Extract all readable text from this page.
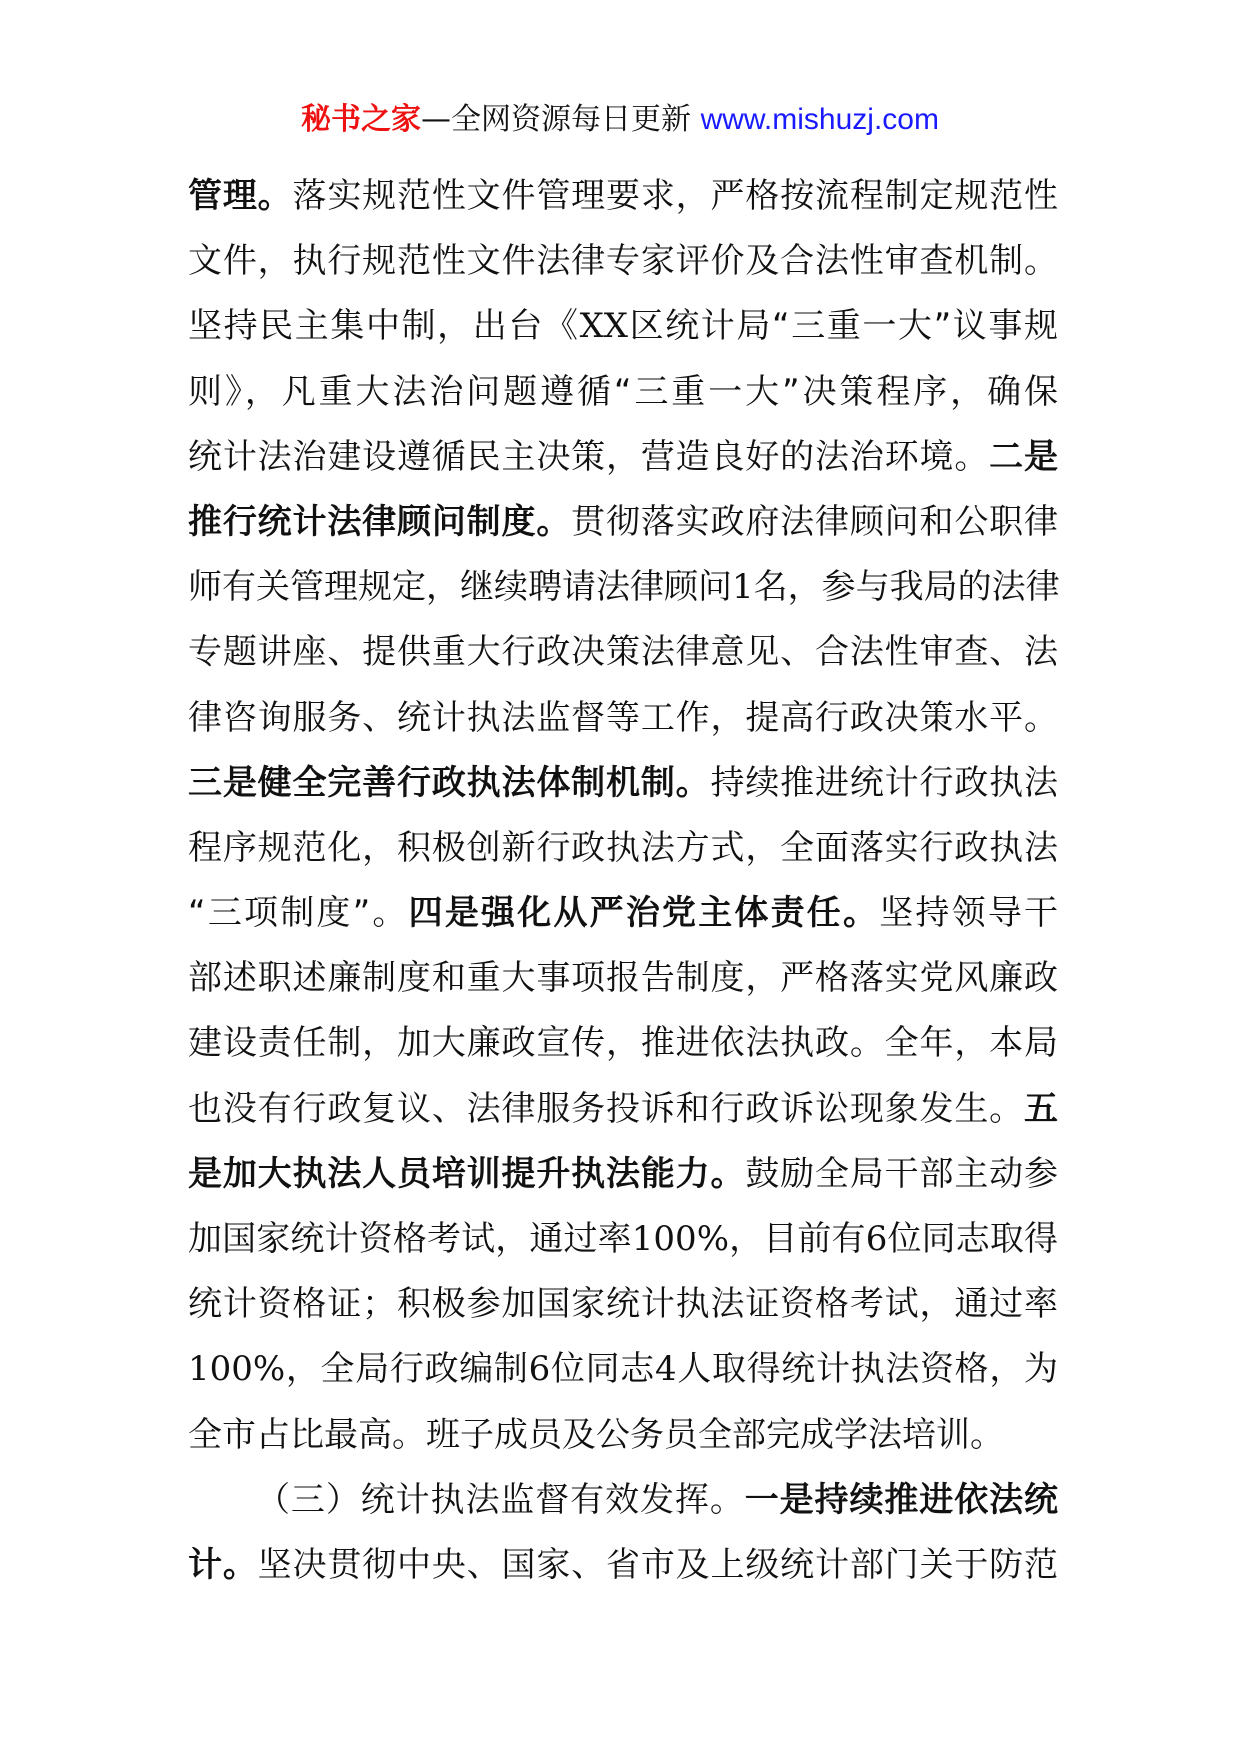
秘书之家—全网资源每日更新 www.mishuzj.com
管理。落实规范性文件管理要求，严格按流程制定规范性
文件，执行规范性文件法律专家评价及合法性审查机制。
坚持民主集中制，出台《XX区统计局“三重一大”议事规
则》，凡重大法治问题遵循“三重一大”决策程序，确保
统计法治建设遵循民主决策，营造良好的法治环境。二是
推行统计法律顾问制度。贯彻落实政府法律顾问和公职律
师有关管理规定，继续聘请法律顾问1名，参与我局的法律
专题讲座、提供重大行政决策法律意见、合法性审查、法
律咨询服务、统计执法监督等工作，提高行政决策水平。
三是健全完善行政执法体制机制。持续推进统计行政执法
程序规范化，积极创新行政执法方式，全面落实行政执法
“三项制度”。四是强化从严治党主体责任。坚持领导干
部述职述廉制度和重大事项报告制度，严格落实党风廉政
建设责任制，加大廉政宣传，推进依法执政。全年，本局
也没有行政复议、法律服务投诉和行政诉讼现象发生。五
是加大执法人员培训提升执法能力。鼓励全局干部主动参
加国家统计资格考试，通过率100%，目前有6位同志取得
统计资格证；积极参加国家统计执法证资格考试，通过率
100%，全局行政编制6位同志4人取得统计执法资格，为
全市占比最高。班子成员及公务员全部完成学法培训。
（三）统计执法监督有效发挥。一是持续推进依法统
计。坚决贯彻中央、国家、省市及上级统计部门关于防范
